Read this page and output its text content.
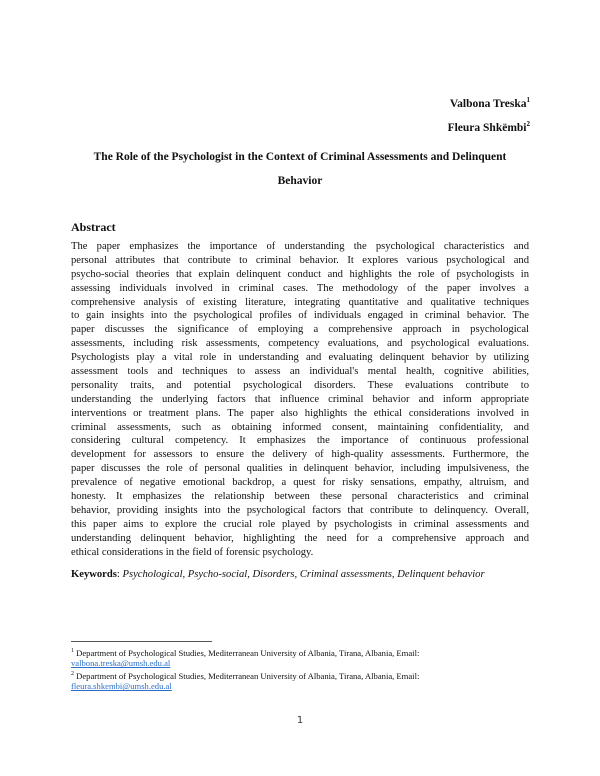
Valbona Treska$^1$
Fleura Shkëmbi$^2$
The Role of the Psychologist in the Context of Criminal Assessments and Delinquent Behavior
Abstract
The paper emphasizes the importance of understanding the psychological characteristics and
personal attributes that contribute to criminal behavior. It explores various psychological and
psycho-social theories that explain delinquent conduct and highlights the role of psychologists in
assessing individuals involved in criminal cases. The methodology of the paper involves a
comprehensive analysis of existing literature, integrating quantitative and qualitative techniques
to gain insights into the psychological profiles of individuals engaged in criminal behavior. The
paper discusses the significance of employing a comprehensive approach in psychological
assessments, including risk assessments, competency evaluations, and psychological evaluations.
Psychologists play a vital role in understanding and evaluating delinquent behavior by utilizing
assessment tools and techniques to assess an individual's mental health, cognitive abilities,
personality traits, and potential psychological disorders. These evaluations contribute to
understanding the underlying factors that influence criminal behavior and inform appropriate
interventions or treatment plans. The paper also highlights the ethical considerations involved in
criminal assessments, such as obtaining informed consent, maintaining confidentiality, and
considering cultural competency. It emphasizes the importance of continuous professional
development for assessors to ensure the delivery of high-quality assessments. Furthermore, the
paper discusses the role of personal qualities in delinquent behavior, including impulsiveness, the
prevalence of negative emotional backdrop, a quest for risky sensations, empathy, altruism, and
honesty. It emphasizes the relationship between these personal characteristics and criminal
behavior, providing insights into the psychological factors that contribute to delinquency. Overall,
this paper aims to explore the crucial role played by psychologists in criminal assessments and
understanding delinquent behavior, highlighting the need for a comprehensive approach and
ethical considerations in the field of forensic psychology.
Keywords: Psychological, Psycho-social, Disorders, Criminal assessments, Delinquent behavior
$^1$ Department of Psychological Studies, Mediterranean University of Albania, Tirana, Albania, Email:
valbona.treska@umsh.edu.al
$^2$ Department of Psychological Studies, Mediterranean University of Albania, Tirana, Albania, Email:
fleura.shkembi@umsh.edu.al
1
